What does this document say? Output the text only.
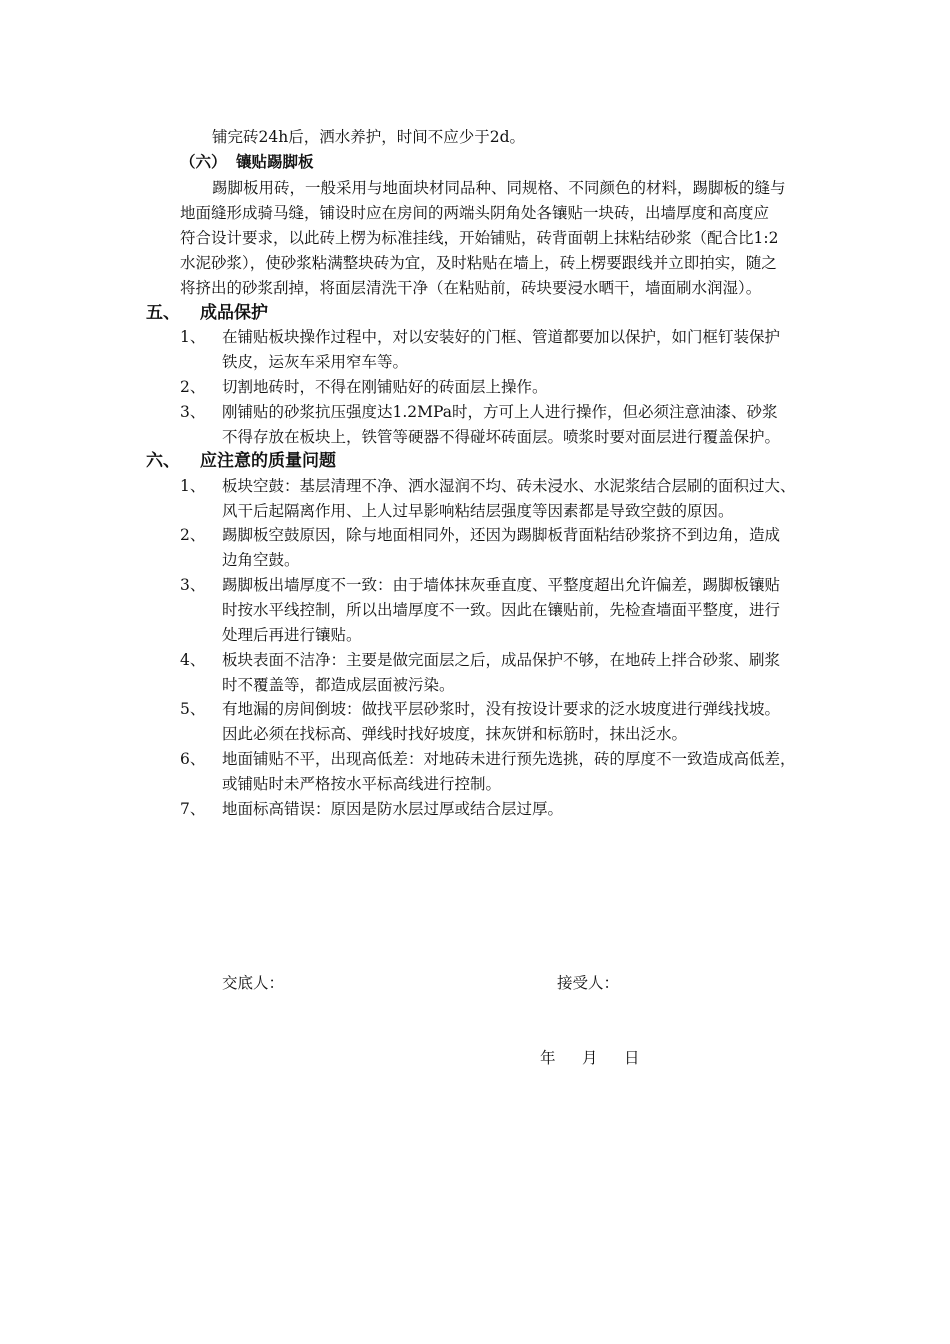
铺完砖24h后，洒水养护，时间不应少于2d。
（六） 镶贴踢脚板
踢脚板用砖，一般采用与地面块材同品种、同规格、不同颜色的材料，踢脚板的缝与
地面缝形成骑马缝，铺设时应在房间的两端头阴角处各镶贴一块砖，出墙厚度和高度应
符合设计要求，以此砖上楞为标准挂线，开始铺贴，砖背面朝上抹粘结砂浆（配合比1:2
水泥砂浆），使砂浆粘满整块砖为宜，及时粘贴在墙上，砖上楞要跟线并立即拍实，随之
将挤出的砂浆刮掉，将面层清洗干净（在粘贴前，砖块要浸水晒干，墙面刷水润湿）。
五、 成品保护
1、 在铺贴板块操作过程中，对以安装好的门框、管道都要加以保护，如门框钉装保护
铁皮，运灰车采用窄车等。
2、 切割地砖时，不得在刚铺贴好的砖面层上操作。
3、 刚铺贴的砂浆抗压强度达1.2MPa时，方可上人进行操作，但必须注意油漆、砂浆
不得存放在板块上，铁管等硬器不得碰坏砖面层。喷浆时要对面层进行覆盖保护。
六、 应注意的质量问题
1、 板块空鼓：基层清理不净、洒水湿润不均、砖未浸水、水泥浆结合层刷的面积过大、
风干后起隔离作用、上人过早影响粘结层强度等因素都是导致空鼓的原因。
2、 踢脚板空鼓原因，除与地面相同外，还因为踢脚板背面粘结砂浆挤不到边角，造成
边角空鼓。
3、 踢脚板出墙厚度不一致：由于墙体抹灰垂直度、平整度超出允许偏差，踢脚板镶贴
时按水平线控制，所以出墙厚度不一致。因此在镶贴前，先检查墙面平整度，进行
处理后再进行镶贴。
4、 板块表面不洁净：主要是做完面层之后，成品保护不够，在地砖上拌合砂浆、刷浆
时不覆盖等，都造成层面被污染。
5、 有地漏的房间倒坡：做找平层砂浆时，没有按设计要求的泛水坡度进行弹线找坡。
因此必须在找标高、弹线时找好坡度，抹灰饼和标筋时，抹出泛水。
6、 地面铺贴不平，出现高低差：对地砖未进行预先选挑，砖的厚度不一致造成高低差，
或铺贴时未严格按水平标高线进行控制。
7、 地面标高错误：原因是防水层过厚或结合层过厚。
交底人：	接受人：
年 月 日
